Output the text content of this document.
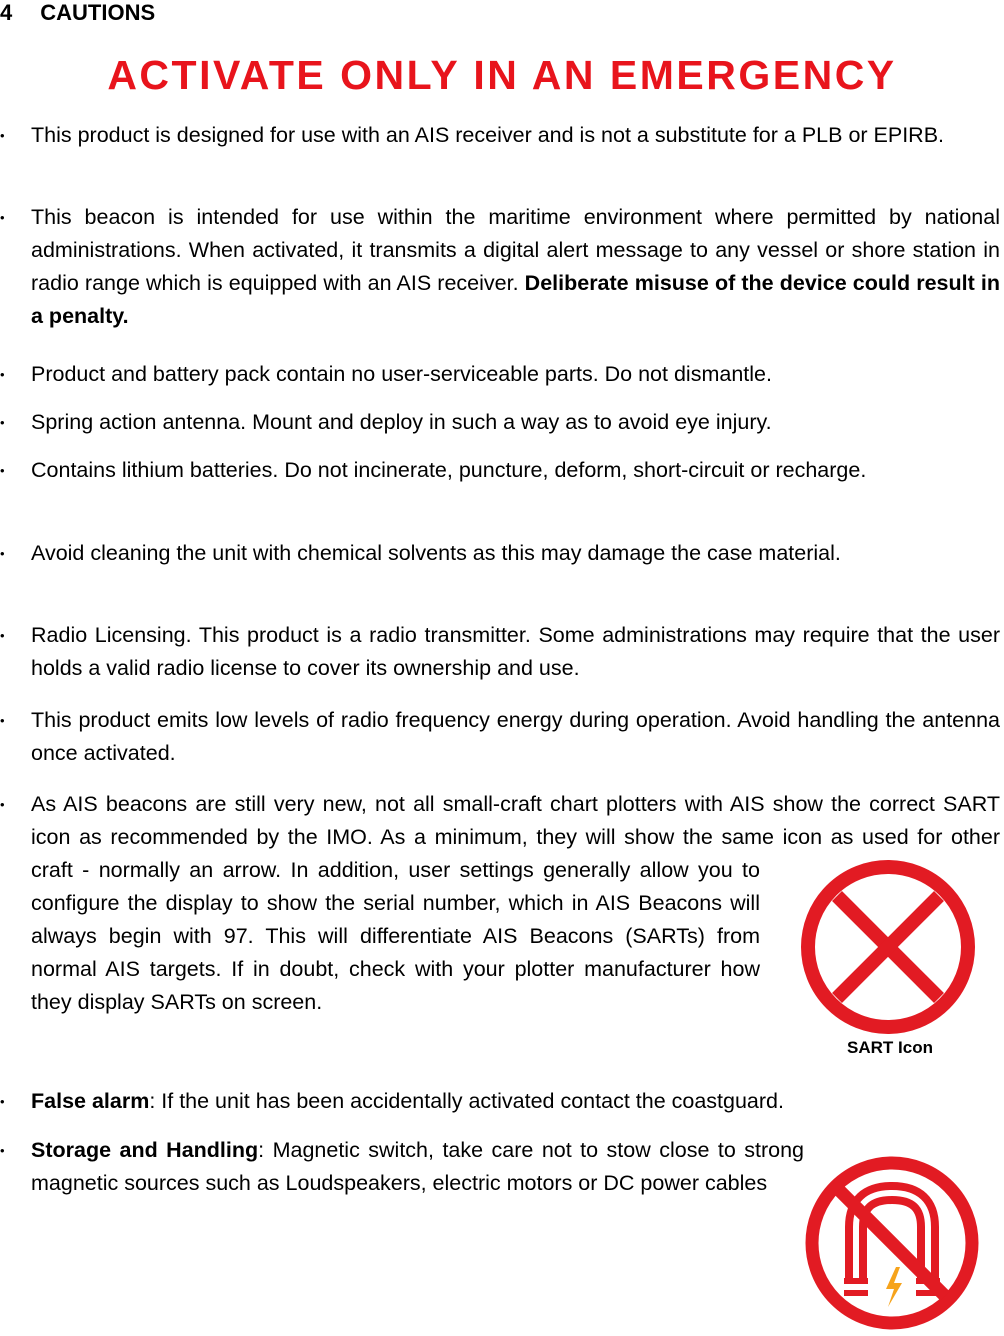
4 CAUTIONS
ACTIVATE ONLY IN AN EMERGENCY
•	This product is designed for use with an AIS receiver and is not a substitute for a PLB or EPIRB.
•	This beacon is intended for use within the maritime environment where permitted by national administrations. When activated, it transmits a digital alert message to any vessel or shore station in radio range which is equipped with an AIS receiver. Deliberate misuse of the device could result in a penalty.
•	Product and battery pack contain no user-serviceable parts. Do not dismantle.
•	Spring action antenna. Mount and deploy in such a way as to avoid eye injury.
•	Contains lithium batteries. Do not incinerate, puncture, deform, short-circuit or recharge.
•	Avoid cleaning the unit with chemical solvents as this may damage the case material.
•	Radio Licensing. This product is a radio transmitter. Some administrations may require that the user holds a valid radio license to cover its ownership and use.
•	This product emits low levels of radio frequency energy during operation. Avoid handling the antenna once activated.
•	As AIS beacons are still very new, not all small-craft chart plotters with AIS show the correct SART icon as recommended by the IMO. As a minimum, they will show the same icon as used for other craft - normally an arrow. In addition, user settings generally allow you to configure the display to show the serial number, which in AIS Beacons will always begin with 97. This will differentiate AIS Beacons (SARTs) from normal AIS targets. If in doubt, check with your plotter manufacturer how they display SARTs on screen.
•	False alarm: If the unit has been accidentally activated contact the coastguard.
•	Storage and Handling: Magnetic switch, take care not to stow close to strong magnetic sources such as Loudspeakers, electric motors or DC power cables
SART Icon
